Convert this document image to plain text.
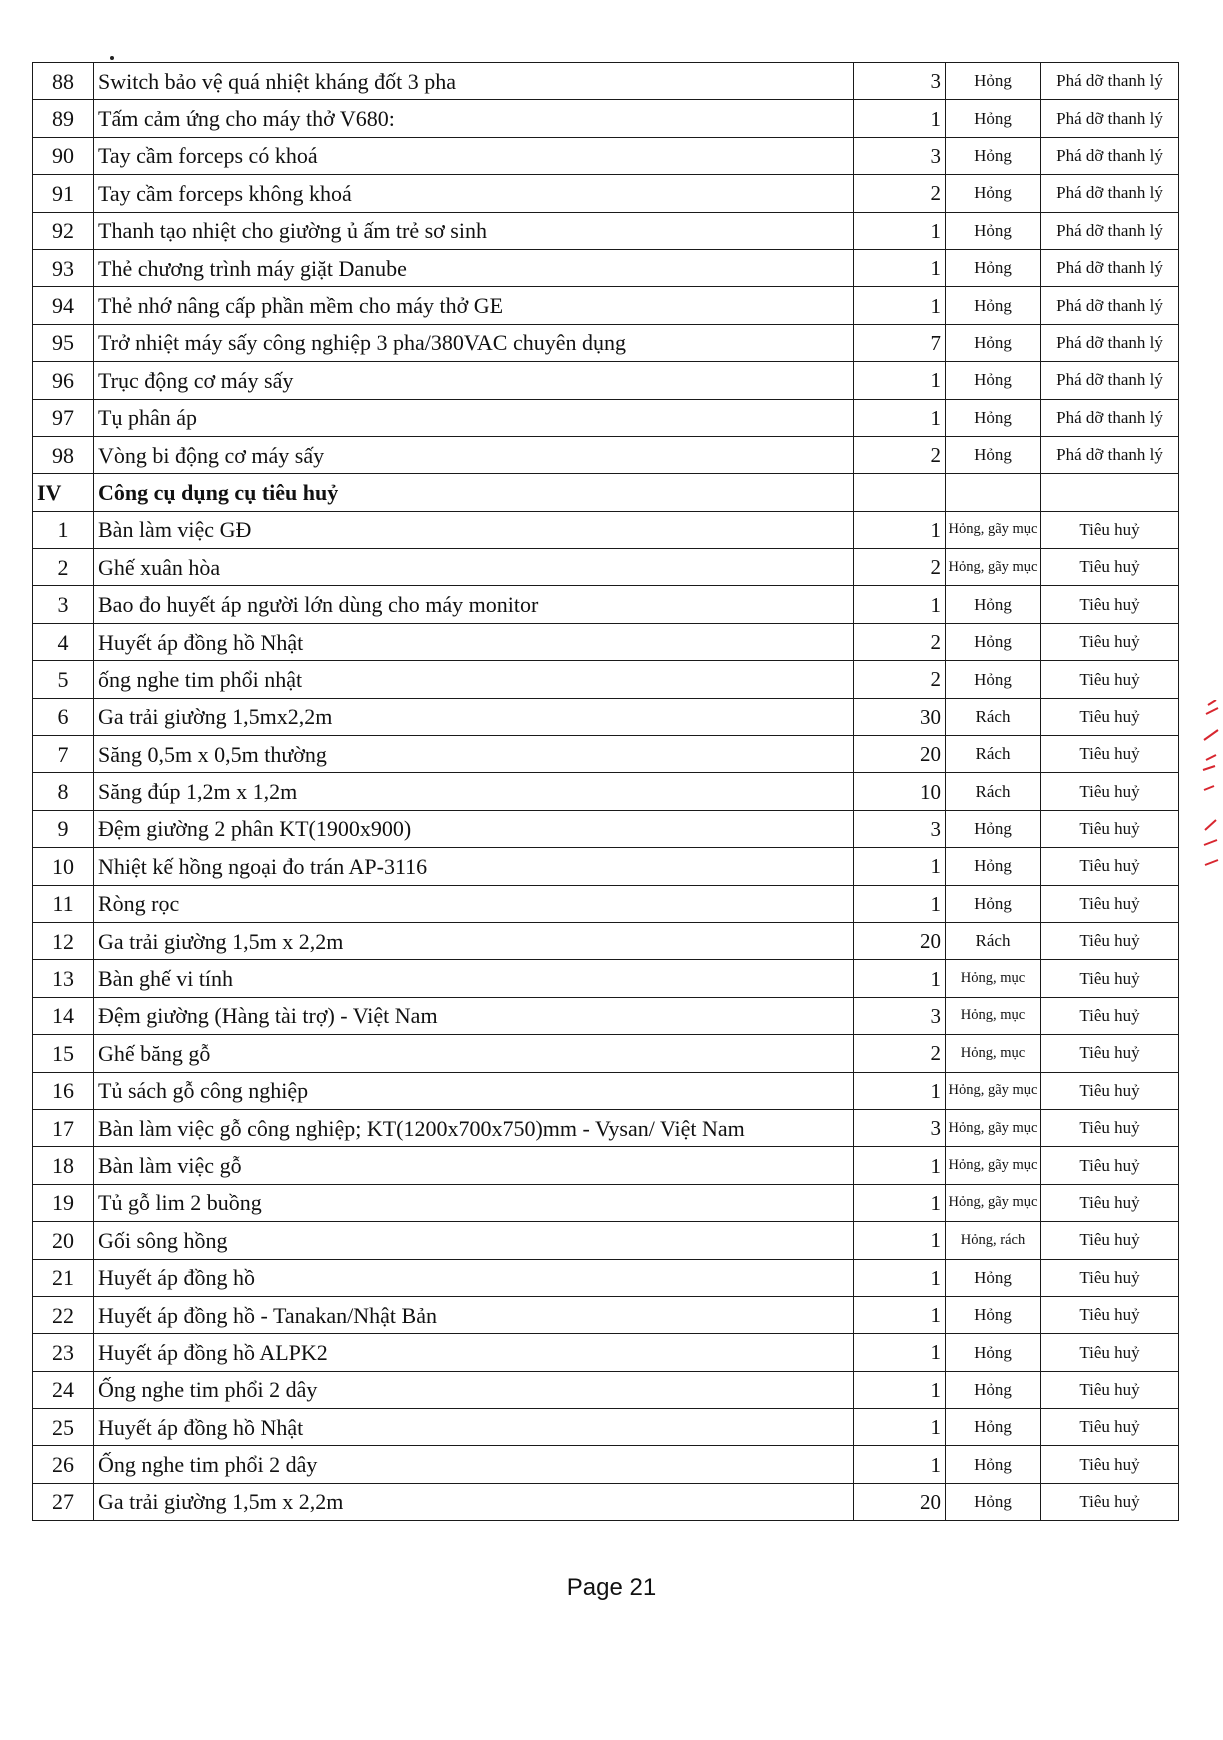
88	Switch bảo vệ quá nhiệt kháng đốt 3 pha	3	Hỏng	Phá dỡ thanh lý
89	Tấm cảm ứng cho máy thở V680:	1	Hỏng	Phá dỡ thanh lý
90	Tay cầm forceps có khoá	3	Hỏng	Phá dỡ thanh lý
91	Tay cầm forceps không khoá	2	Hỏng	Phá dỡ thanh lý
92	Thanh tạo nhiệt cho giường ủ ấm trẻ sơ sinh	1	Hỏng	Phá dỡ thanh lý
93	Thẻ chương trình máy giặt Danube	1	Hỏng	Phá dỡ thanh lý
94	Thẻ nhớ nâng cấp phần mềm cho máy thở GE	1	Hỏng	Phá dỡ thanh lý
95	Trở nhiệt máy sấy công nghiệp 3 pha/380VAC chuyên dụng	7	Hỏng	Phá dỡ thanh lý
96	Trục động cơ máy sấy	1	Hỏng	Phá dỡ thanh lý
97	Tụ phân áp	1	Hỏng	Phá dỡ thanh lý
98	Vòng bi động cơ máy sấy	2	Hỏng	Phá dỡ thanh lý
IV	Công cụ dụng cụ tiêu huỷ			
1	Bàn làm việc GĐ	1	Hỏng, gãy mục	Tiêu huỷ
2	Ghế xuân hòa	2	Hỏng, gãy mục	Tiêu huỷ
3	Bao đo huyết áp người lớn dùng cho máy monitor	1	Hỏng	Tiêu huỷ
4	Huyết áp đồng hồ Nhật	2	Hỏng	Tiêu huỷ
5	ống nghe tim phổi nhật	2	Hỏng	Tiêu huỷ
6	Ga trải giường 1,5mx2,2m	30	Rách	Tiêu huỷ
7	Săng 0,5m x 0,5m thường	20	Rách	Tiêu huỷ
8	Săng đúp 1,2m x 1,2m	10	Rách	Tiêu huỷ
9	Đệm giường 2 phân KT(1900x900)	3	Hỏng	Tiêu huỷ
10	Nhiệt kế hồng ngoại đo trán AP-3116	1	Hỏng	Tiêu huỷ
11	Ròng rọc	1	Hỏng	Tiêu huỷ
12	Ga trải giường 1,5m x 2,2m	20	Rách	Tiêu huỷ
13	Bàn ghế vi tính	1	Hỏng, mục	Tiêu huỷ
14	Đệm giường (Hàng tài trợ) - Việt Nam	3	Hỏng, mục	Tiêu huỷ
15	Ghế băng gỗ	2	Hỏng, mục	Tiêu huỷ
16	Tủ sách gỗ công nghiệp	1	Hỏng, gãy mục	Tiêu huỷ
17	Bàn làm việc gỗ công nghiệp; KT(1200x700x750)mm - Vysan/ Việt Nam	3	Hỏng, gãy mục	Tiêu huỷ
18	Bàn làm việc gỗ	1	Hỏng, gãy mục	Tiêu huỷ
19	Tủ gỗ lim 2 buồng	1	Hỏng, gãy mục	Tiêu huỷ
20	Gối sông hồng	1	Hỏng, rách	Tiêu huỷ
21	Huyết áp đồng hồ	1	Hỏng	Tiêu huỷ
22	Huyết áp đồng hồ - Tanakan/Nhật Bản	1	Hỏng	Tiêu huỷ
23	Huyết áp đồng hồ ALPK2	1	Hỏng	Tiêu huỷ
24	Ống nghe tim phổi 2 dây	1	Hỏng	Tiêu huỷ
25	Huyết áp đồng hồ Nhật	1	Hỏng	Tiêu huỷ
26	Ống nghe tim phổi 2 dây	1	Hỏng	Tiêu huỷ
27	Ga trải giường 1,5m x 2,2m	20	Hỏng	Tiêu huỷ
Page 21
